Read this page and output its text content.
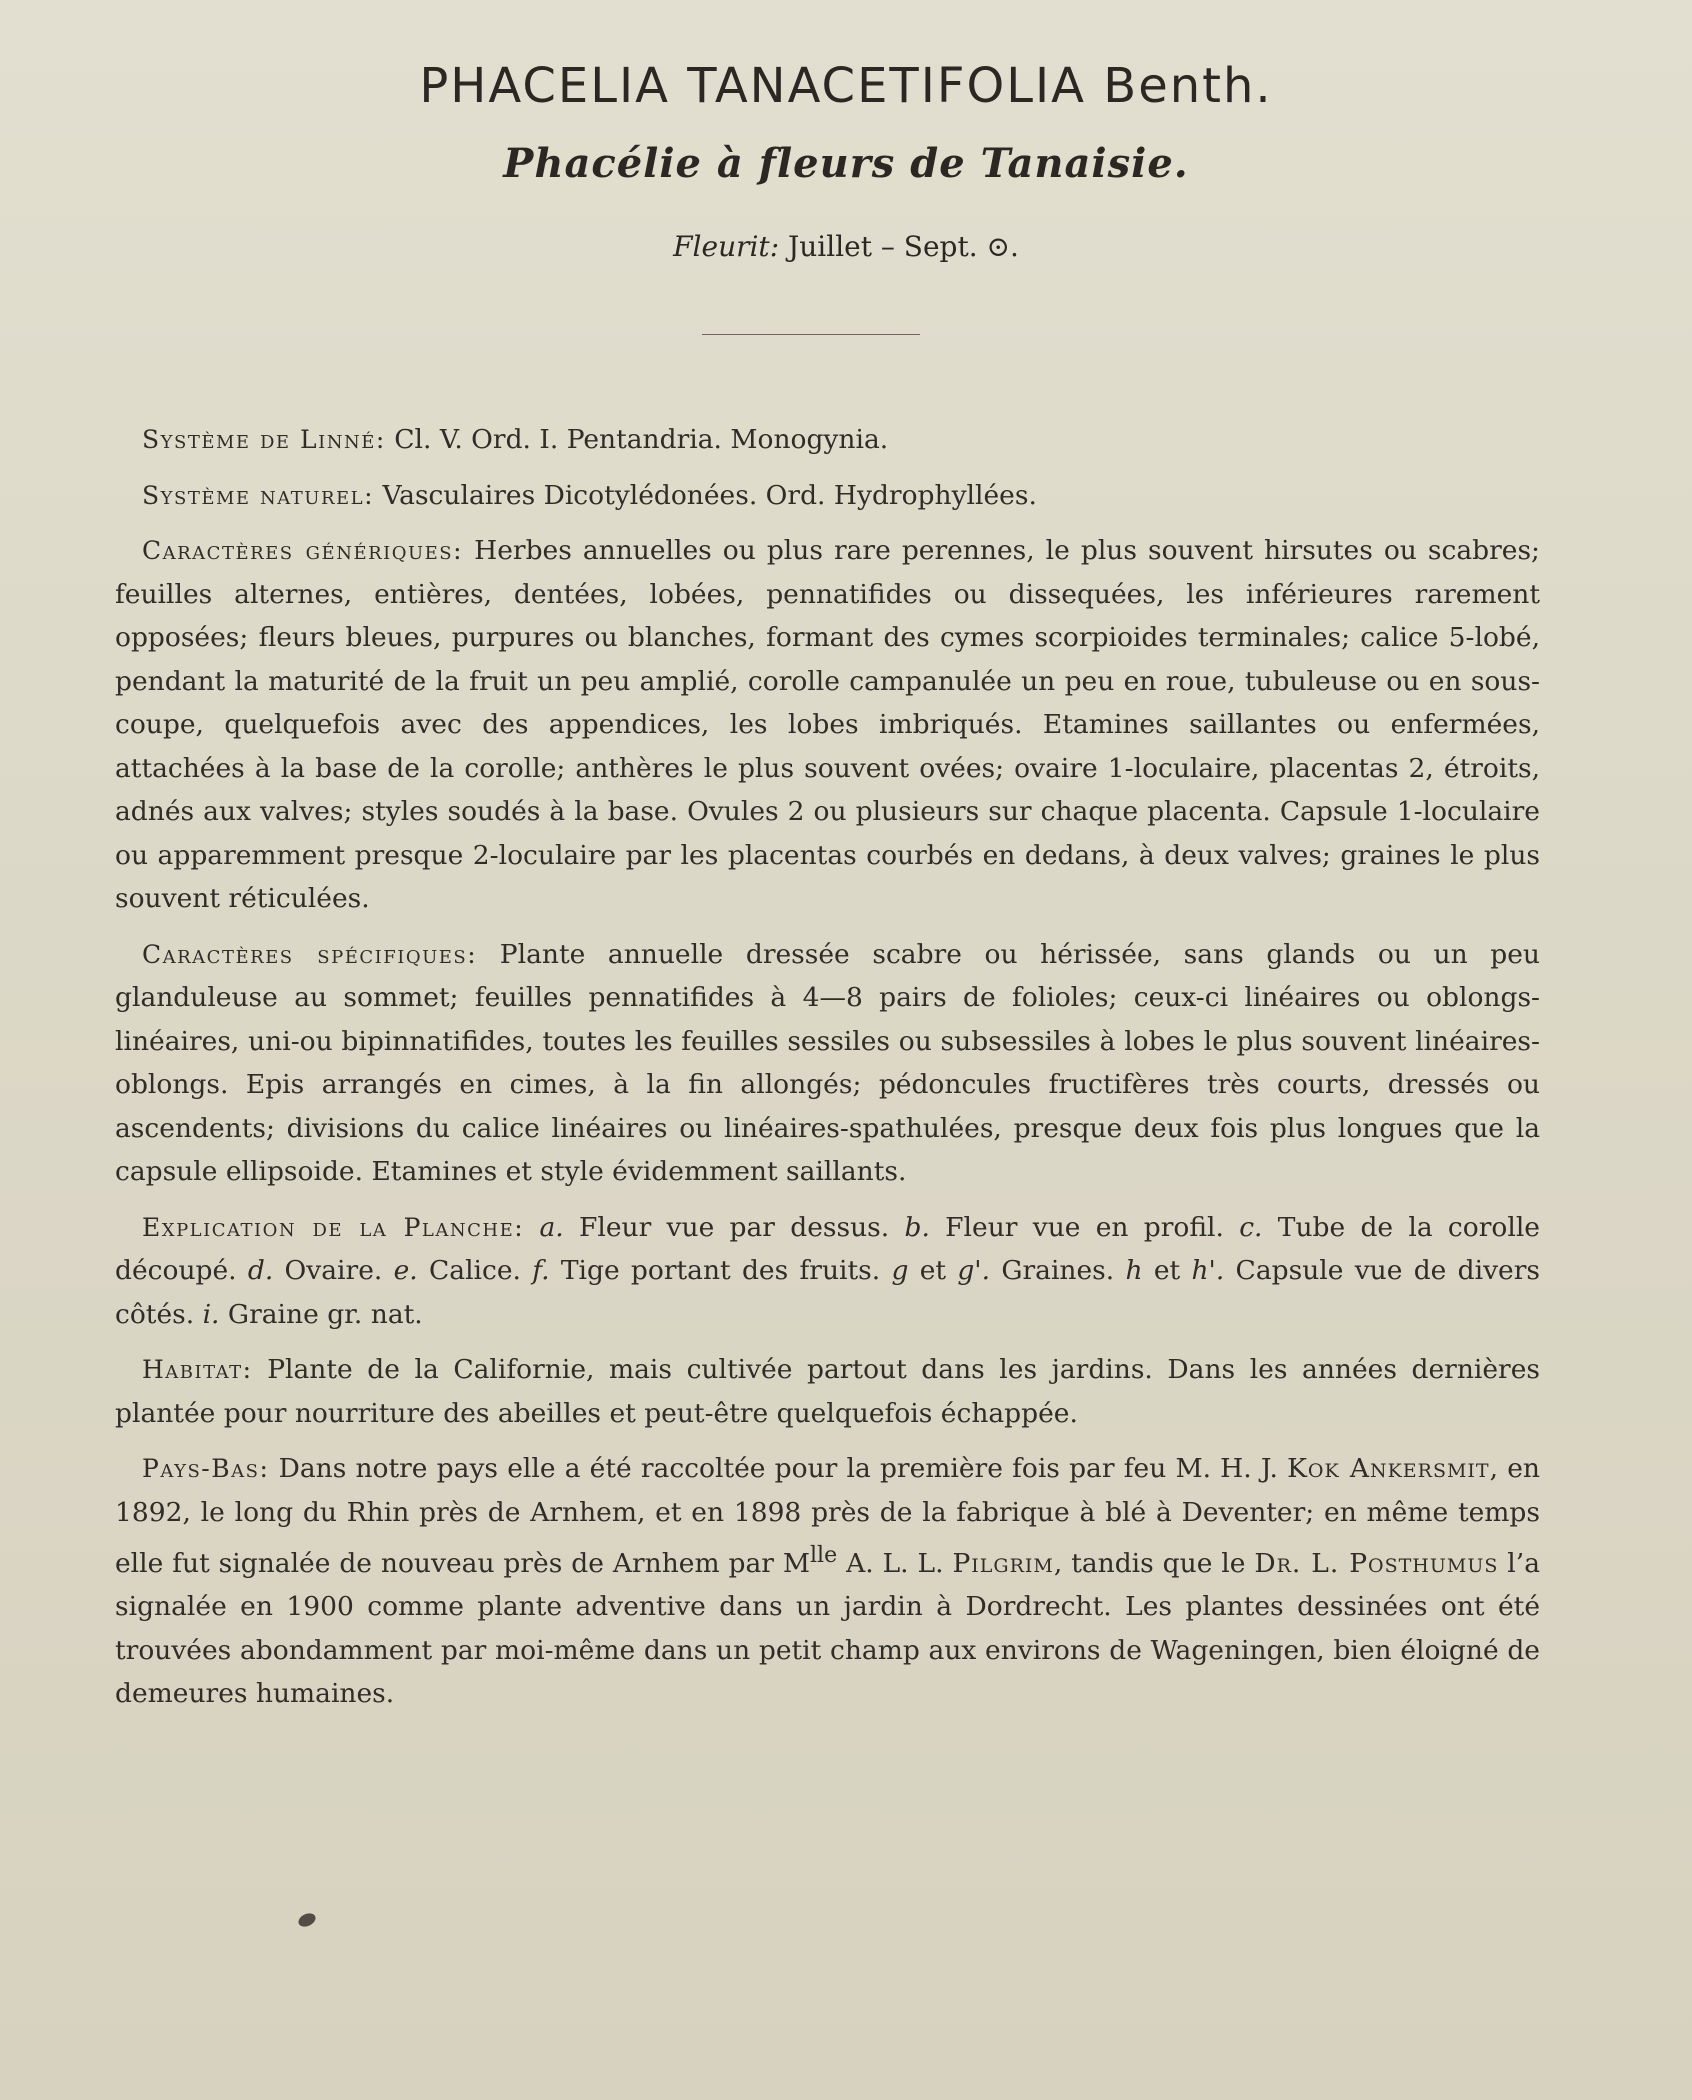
PHACELIA TANACETIFOLIA Benth.
Phacélie à fleurs de Tanaisie.
Fleurit: Juillet – Sept. ⊙.

Système de Linné: Cl. V. Ord. I. Pentandria. Monogynia.

Système naturel: Vasculaires Dicotylédonées. Ord. Hydrophyllées.

Caractères génériques: Herbes annuelles ou plus rare perennes, le plus souvent hirsutes ou scabres; feuilles alternes, entières, dentées, lobées, pennatifides ou dissequées, les inférieures rarement opposées; fleurs bleues, purpures ou blanches, formant des cymes scorpioides terminales; calice 5-lobé, pendant la maturité de la fruit un peu amplié, corolle campanulée un peu en roue, tubuleuse ou en sous-coupe, quelquefois avec des appendices, les lobes imbriqués. Etamines saillantes ou enfermées, attachées à la base de la corolle; anthères le plus souvent ovées; ovaire 1-loculaire, placentas 2, étroits, adnés aux valves; styles soudés à la base. Ovules 2 ou plusieurs sur chaque placenta. Capsule 1-loculaire ou apparemment presque 2-loculaire par les placentas courbés en dedans, à deux valves; graines le plus souvent réticulées.

Caractères spécifiques: Plante annuelle dressée scabre ou hérissée, sans glands ou un peu glanduleuse au sommet; feuilles pennatifides à 4—8 pairs de folioles; ceux-ci linéaires ou oblongs-linéaires, uni-ou bipinnatifides, toutes les feuilles sessiles ou subsessiles à lobes le plus souvent linéaires-oblongs. Epis arrangés en cimes, à la fin allongés; pédoncules fructifères très courts, dressés ou ascendents; divisions du calice linéaires ou linéaires-spathulées, presque deux fois plus longues que la capsule ellipsoide. Etamines et style évidemment saillants.

Explication de la Planche: a. Fleur vue par dessus. b. Fleur vue en profil. c. Tube de la corolle découpé. d. Ovaire. e. Calice. f. Tige portant des fruits. g et g'. Graines. h et h'. Capsule vue de divers côtés. i. Graine gr. nat.

Habitat: Plante de la Californie, mais cultivée partout dans les jardins. Dans les années dernières plantée pour nourriture des abeilles et peut-être quelquefois échappée.

Pays-Bas: Dans notre pays elle a été raccoltée pour la première fois par feu M. H. J. Kok Ankersmit, en 1892, le long du Rhin près de Arnhem, et en 1898 près de la fabrique à blé à Deventer; en même temps elle fut signalée de nouveau près de Arnhem par $M^{lle}$ A. L. L. Pilgrim, tandis que le Dr. L. Posthumus l’a signalée en 1900 comme plante adventive dans un jardin à Dordrecht. Les plantes dessinées ont été trouvées abondamment par moi-même dans un petit champ aux environs de Wageningen, bien éloigné de demeures humaines.
